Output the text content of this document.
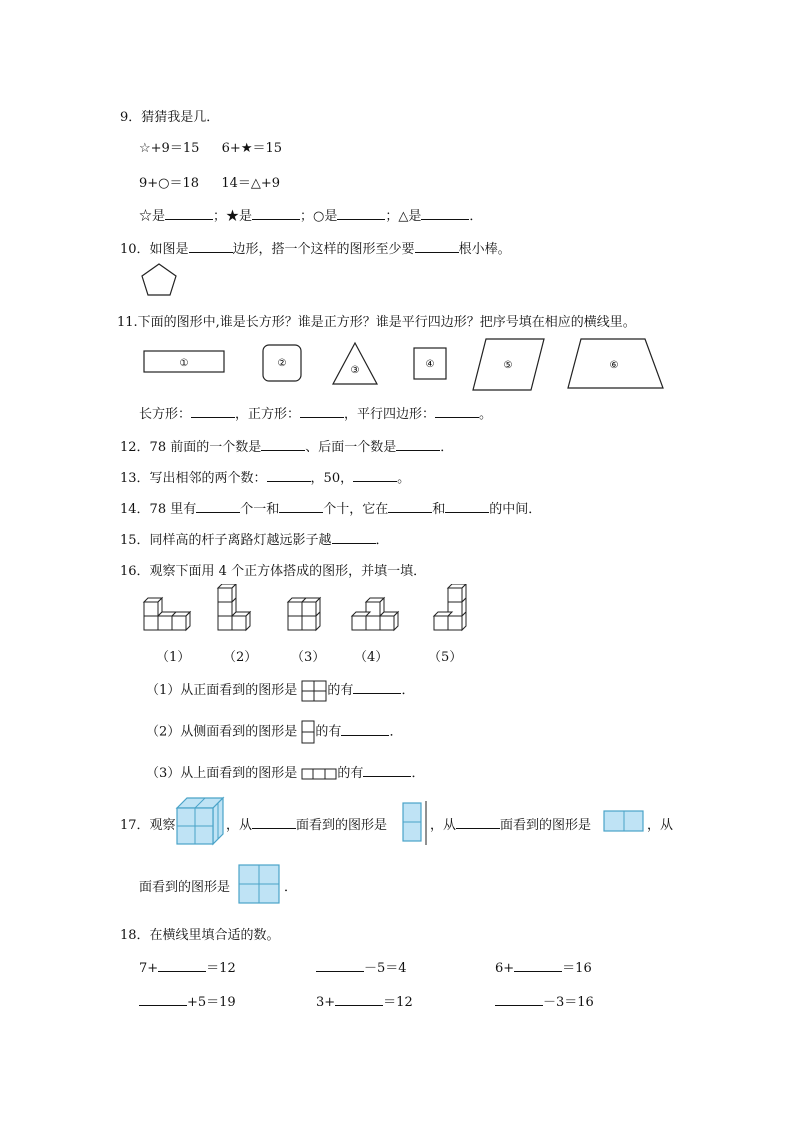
9．猜猜我是几．
☆+9＝15 6+★＝15
9+○＝18 14＝△+9
☆是	；★是	；○是	；△是	．
10．如图是	边形，搭一个这样的图形至少要	根小棒。
11.下面的图形中,谁是长方形？谁是正方形？谁是平行四边形？把序号填在相应的横线里。
①	②
③
④	⑤	⑥
长方形：	，正方形：	，平行四边形：	。
12．78 前面的一个数是	、后面一个数是	．
13．写出相邻的两个数：	，50，	。
14．78 里有	个一和	个十，它在	和	的中间．
15．同样高的杆子离路灯越远影子越	．
16．观察下面用 4 个正方体搭成的图形，并填一填．
（1）	（2）	（3） （4）	（5）
（1）从正面看到的图形是 的有	．
（2）从侧面看到的图形是 的有	．
（3）从上面看到的图形是	的有	．
17．观察	，从	面看到的图形是	，从	面看到的图形是	，从
面看到的图形是	．
18．在横线里填合适的数。
7+	＝12	－5＝4	6+	＝16
+5＝19	3+	＝12	－3＝16
